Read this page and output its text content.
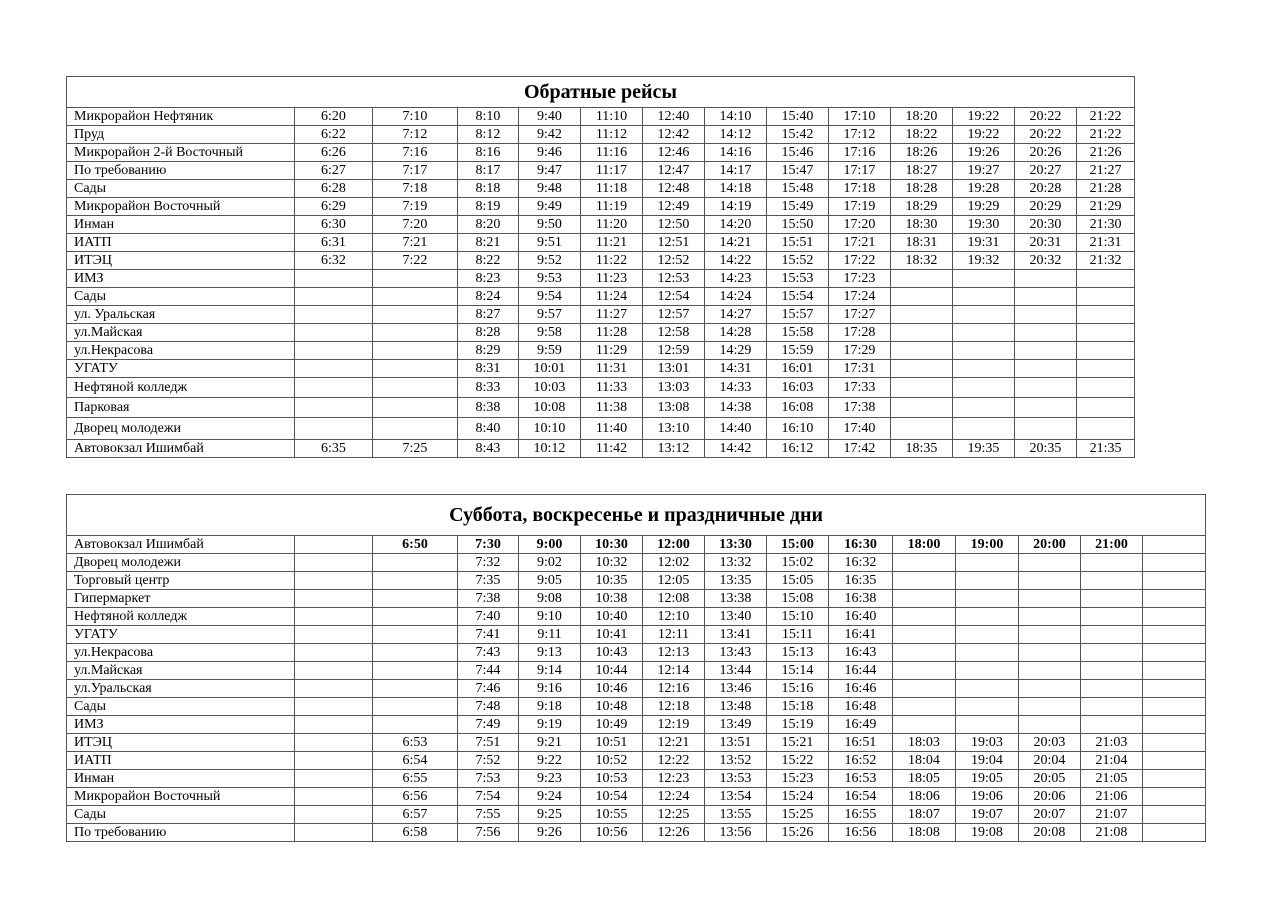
Обратные рейсы														
Микрорайон Нефтяник	6:20	7:10	8:10	9:40	11:10	12:40	14:10	15:40	17:10	18:20	19:22	20:22	21:22	
Пруд	6:22	7:12	8:12	9:42	11:12	12:42	14:12	15:42	17:12	18:22	19:22	20:22	21:22	
Микрорайон 2-й Восточный	6:26	7:16	8:16	9:46	11:16	12:46	14:16	15:46	17:16	18:26	19:26	20:26	21:26	
По требованию	6:27	7:17	8:17	9:47	11:17	12:47	14:17	15:47	17:17	18:27	19:27	20:27	21:27	
Сады	6:28	7:18	8:18	9:48	11:18	12:48	14:18	15:48	17:18	18:28	19:28	20:28	21:28	
Микрорайон Восточный	6:29	7:19	8:19	9:49	11:19	12:49	14:19	15:49	17:19	18:29	19:29	20:29	21:29	
Инман	6:30	7:20	8:20	9:50	11:20	12:50	14:20	15:50	17:20	18:30	19:30	20:30	21:30	
ИАТП	6:31	7:21	8:21	9:51	11:21	12:51	14:21	15:51	17:21	18:31	19:31	20:31	21:31	
ИТЭЦ	6:32	7:22	8:22	9:52	11:22	12:52	14:22	15:52	17:22	18:32	19:32	20:32	21:32	
ИМЗ			8:23	9:53	11:23	12:53	14:23	15:53	17:23					
Сады			8:24	9:54	11:24	12:54	14:24	15:54	17:24					
ул. Уральская			8:27	9:57	11:27	12:57	14:27	15:57	17:27					
ул.Майская			8:28	9:58	11:28	12:58	14:28	15:58	17:28					
ул.Некрасова			8:29	9:59	11:29	12:59	14:29	15:59	17:29					
УГАТУ			8:31	10:01	11:31	13:01	14:31	16:01	17:31					
Нефтяной колледж			8:33	10:03	11:33	13:03	14:33	16:03	17:33					
Парковая			8:38	10:08	11:38	13:08	14:38	16:08	17:38					
Дворец молодежи			8:40	10:10	11:40	13:10	14:40	16:10	17:40					
Автовокзал Ишимбай	6:35	7:25	8:43	10:12	11:42	13:12	14:42	16:12	17:42	18:35	19:35	20:35	21:35	
Суббота, воскресенье и праздничные дни														
Автовокзал Ишимбай		6:50	7:30	9:00	10:30	12:00	13:30	15:00	16:30	18:00	19:00	20:00	21:00	
Дворец молодежи			7:32	9:02	10:32	12:02	13:32	15:02	16:32					
Торговый центр			7:35	9:05	10:35	12:05	13:35	15:05	16:35					
Гипермаркет			7:38	9:08	10:38	12:08	13:38	15:08	16:38					
Нефтяной колледж			7:40	9:10	10:40	12:10	13:40	15:10	16:40					
УГАТУ			7:41	9:11	10:41	12:11	13:41	15:11	16:41					
ул.Некрасова			7:43	9:13	10:43	12:13	13:43	15:13	16:43					
ул.Майская			7:44	9:14	10:44	12:14	13:44	15:14	16:44					
ул.Уральская			7:46	9:16	10:46	12:16	13:46	15:16	16:46					
Сады			7:48	9:18	10:48	12:18	13:48	15:18	16:48					
ИМЗ			7:49	9:19	10:49	12:19	13:49	15:19	16:49					
ИТЭЦ		6:53	7:51	9:21	10:51	12:21	13:51	15:21	16:51	18:03	19:03	20:03	21:03	
ИАТП		6:54	7:52	9:22	10:52	12:22	13:52	15:22	16:52	18:04	19:04	20:04	21:04	
Инман		6:55	7:53	9:23	10:53	12:23	13:53	15:23	16:53	18:05	19:05	20:05	21:05	
Микрорайон Восточный		6:56	7:54	9:24	10:54	12:24	13:54	15:24	16:54	18:06	19:06	20:06	21:06	
Сады		6:57	7:55	9:25	10:55	12:25	13:55	15:25	16:55	18:07	19:07	20:07	21:07	
По требованию		6:58	7:56	9:26	10:56	12:26	13:56	15:26	16:56	18:08	19:08	20:08	21:08	
